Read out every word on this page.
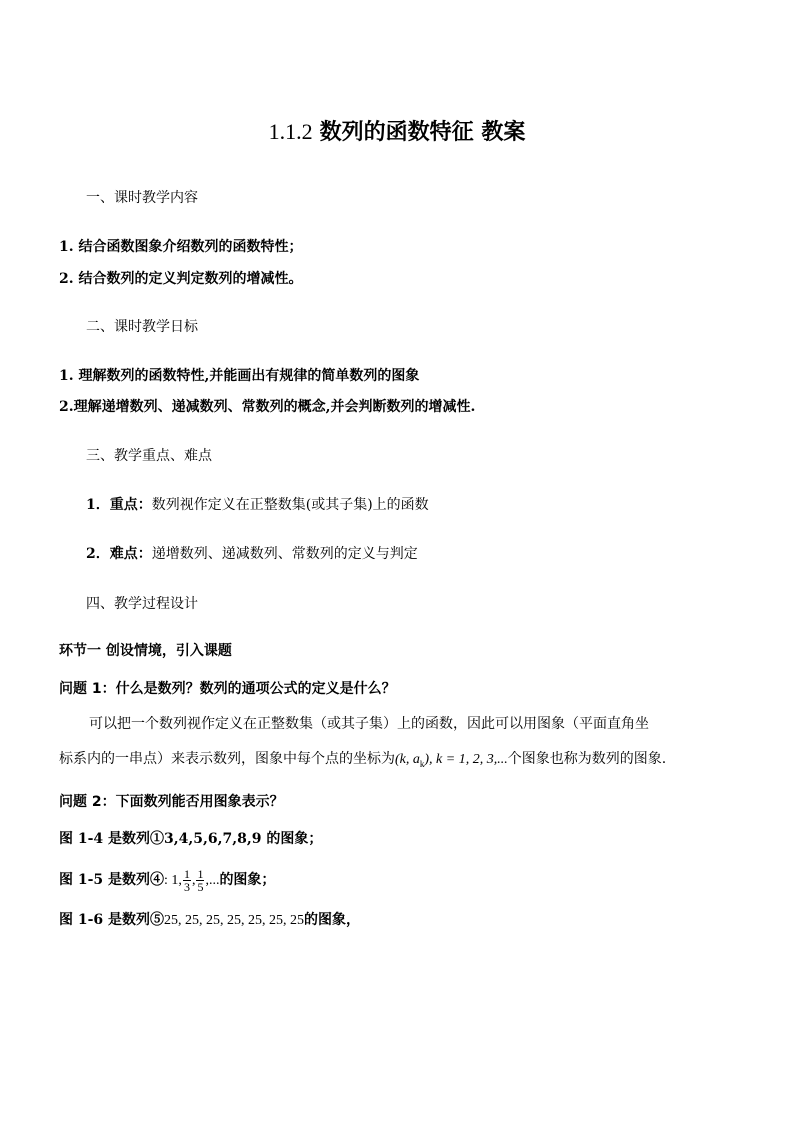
1.1.2 数列的函数特征 教案
一、课时教学内容
1. 结合函数图象介绍数列的函数特性；
2. 结合数列的定义判定数列的增减性。
二、课时教学日标
1. 理解数列的函数特性,并能画出有规律的简单数列的图象
2.理解递增数列、递减数列、常数列的概念,并会判断数列的增减性.
三、教学重点、难点
1．重点：数列视作定义在正整数集(或其子集)上的函数
2．难点：递增数列、递减数列、常数列的定义与判定
四、教学过程设计
环节一 创设情境，引入课题
问题 1：什么是数列？数列的通项公式的定义是什么？
可以把一个数列视作定义在正整数集（或其子集）上的函数，因此可以用图象（平面直角坐
标系内的一串点）来表示数列，图象中每个点的坐标为(k, $a_k$), k = 1, 2, 3,...个图象也称为数列的图象.
问题 2：下面数列能否用图象表示？
图 1-4 是数列①3,4,5,6,7,8,9 的图象；
图 1-5 是数列④: 1, $\frac{1}{3}$ , $\frac{1}{5}$ ,...的图象；
图 1-6 是数列⑤25, 25, 25, 25, 25, 25, 25的图象，
